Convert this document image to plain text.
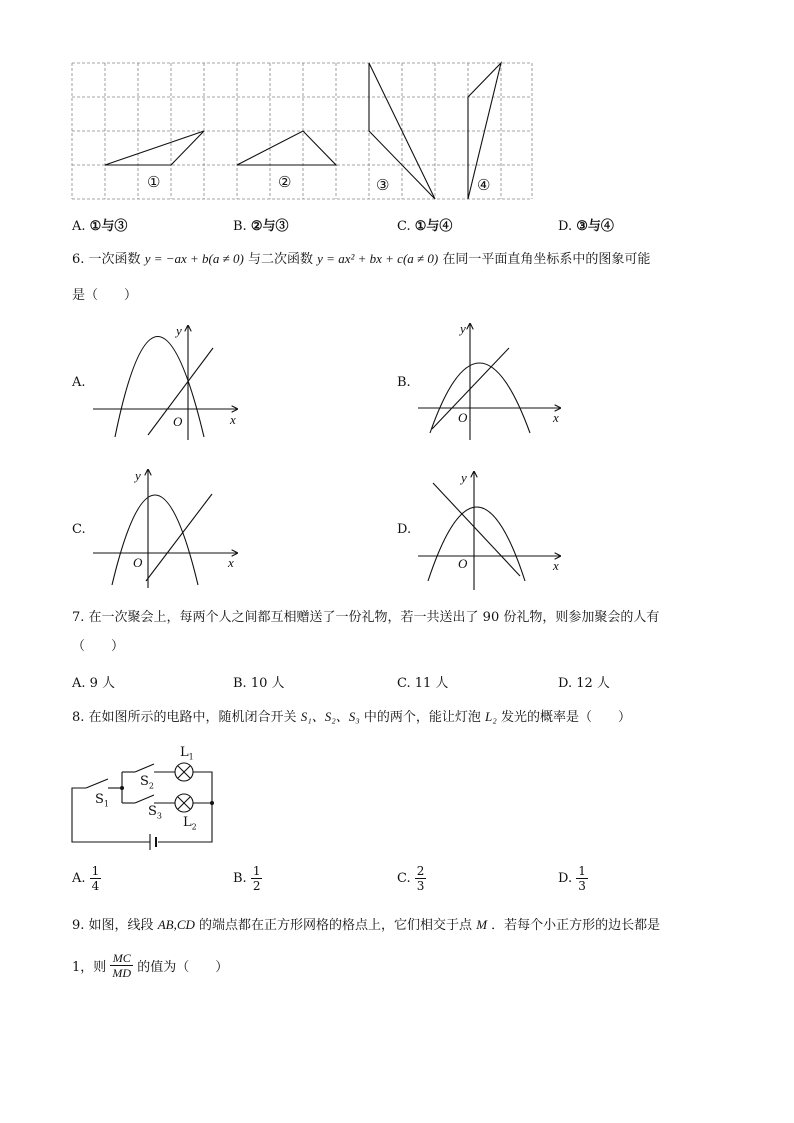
①	②	③	④
A. ①与③	B. ②与③	C. ①与④	D. ③与④
6. 一次函数 y = −ax + b(a ≠ 0) 与二次函数 y = ax² + bx + c(a ≠ 0) 在同一平面直角坐标系中的图象可能
是（　　）
A.	B.
C.	D.
y
x
O
y
x
O
y
x
O
y
x
O
7. 在一次聚会上，每两个人之间都互相赠送了一份礼物，若一共送出了 90 份礼物，则参加聚会的人有
（　　）
A. 9 人	B. 10 人	C. 11 人	D. 12 人
8. 在如图所示的电路中，随机闭合开关 S₁、S₂、S₃ 中的两个，能让灯泡 L₂ 发光的概率是（　　）
$S_1$
$S_2$
$S_3$
$L_1$
$L_2$
A. $\frac{1}{4}$	B. $\frac{1}{2}$	C. $\frac{2}{3}$	D. $\frac{1}{3}$
9. 如图，线段 AB,CD 的端点都在正方形网格的格点上，它们相交于点 M ．若每个小正方形的边长都是
1，则 $\frac{MC}{MD}$ 的值为（　　）
